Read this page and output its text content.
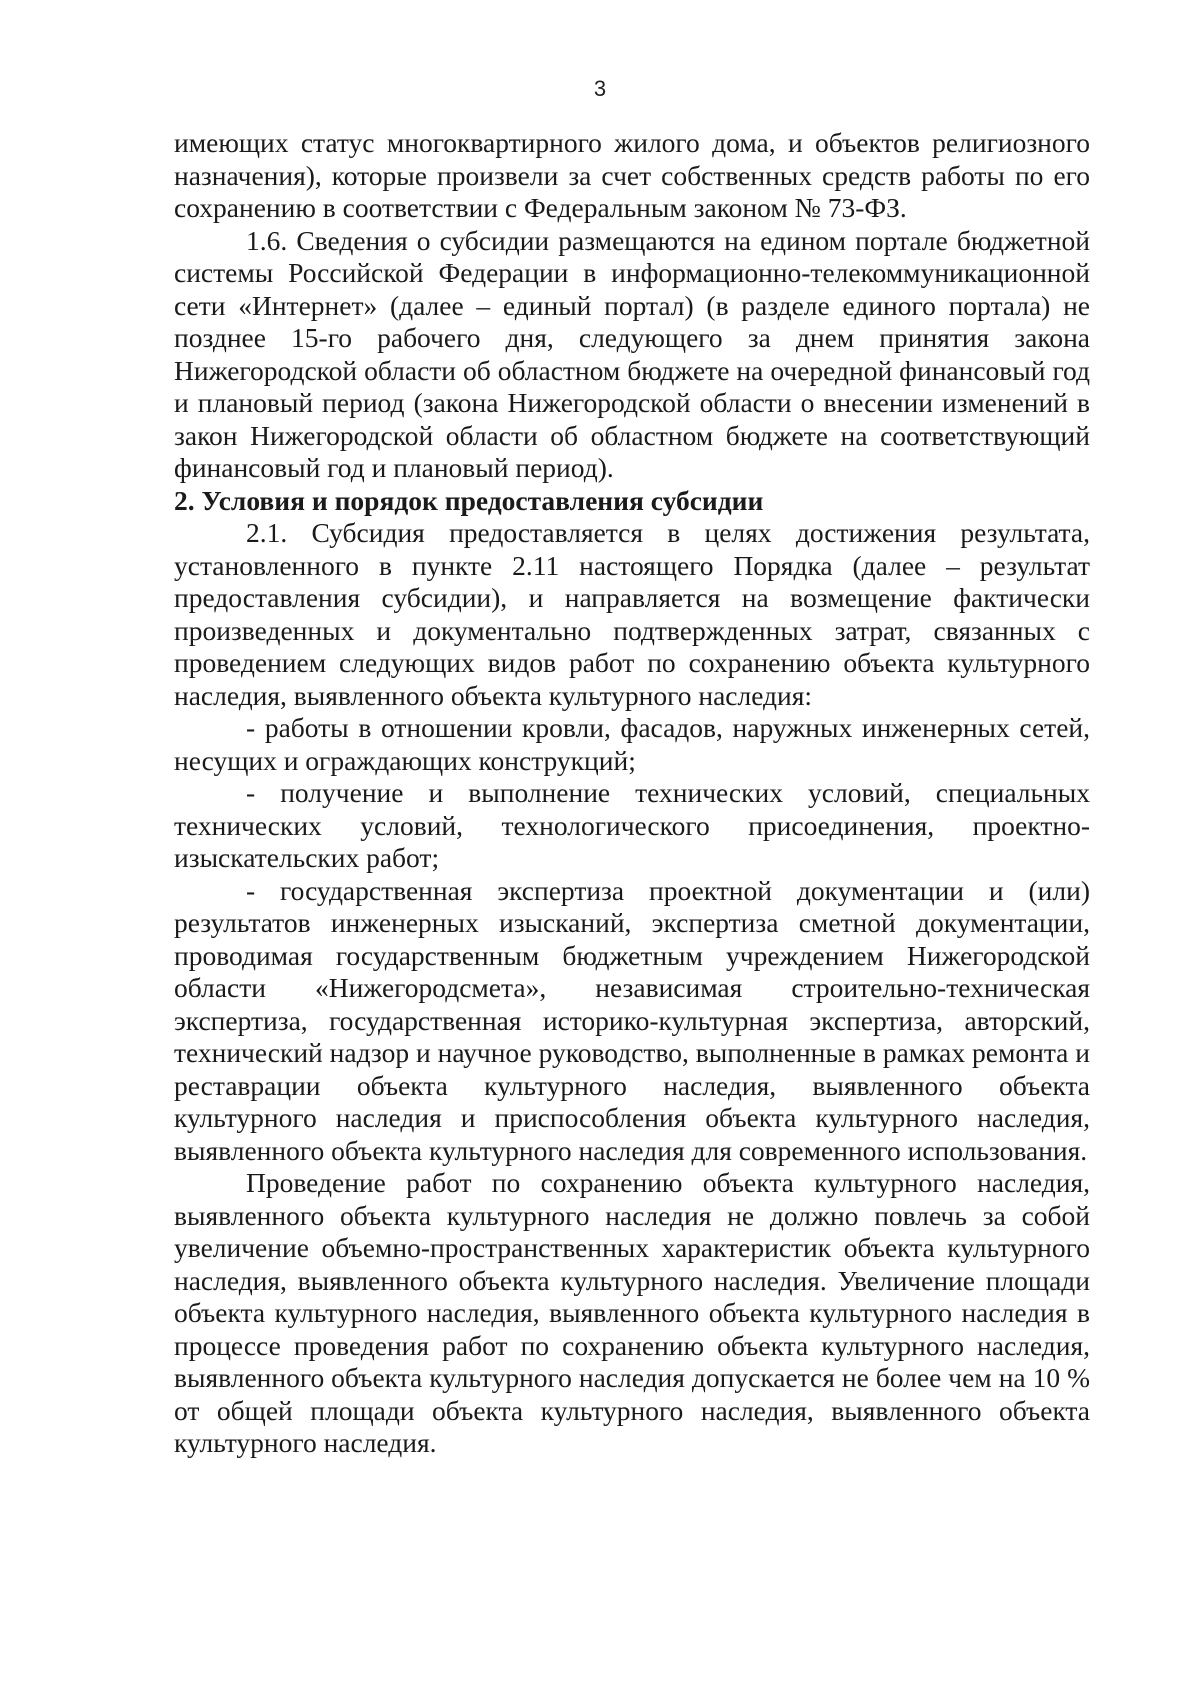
3

имеющих статус многоквартирного жилого дома, и объектов религиозного назначения), которые произвели за счет собственных средств работы по его сохранению в соответствии с Федеральным законом № 73-ФЗ.

1.6. Сведения о субсидии размещаются на едином портале бюджетной системы Российской Федерации в информационно-телекоммуникационной сети «Интернет» (далее – единый портал) (в разделе единого портала) не позднее 15-го рабочего дня, следующего за днем принятия закона Нижегородской области об областном бюджете на очередной финансовый год и плановый период (закона Нижегородской области о внесении изменений в закон Нижегородской области об областном бюджете на соответствующий финансовый год и плановый период).

2. Условия и порядок предоставления субсидии

2.1. Субсидия предоставляется в целях достижения результата, установленного в пункте 2.11 настоящего Порядка (далее – результат предоставления субсидии), и направляется на возмещение фактически произведенных и документально подтвержденных затрат, связанных с проведением следующих видов работ по сохранению объекта культурного наследия, выявленного объекта культурного наследия:

- работы в отношении кровли, фасадов, наружных инженерных сетей, несущих и ограждающих конструкций;

- получение и выполнение технических условий, специальных технических условий, технологического присоединения, проектно-изыскательских работ;

- государственная экспертиза проектной документации и (или) результатов инженерных изысканий, экспертиза сметной документации, проводимая государственным бюджетным учреждением Нижегородской области «Нижегородсмета», независимая строительно-техническая экспертиза, государственная историко-культурная экспертиза, авторский, технический надзор и научное руководство, выполненные в рамках ремонта и реставрации объекта культурного наследия, выявленного объекта культурного наследия и приспособления объекта культурного наследия, выявленного объекта культурного наследия для современного использования.

Проведение работ по сохранению объекта культурного наследия, выявленного объекта культурного наследия не должно повлечь за собой увеличение объемно-пространственных характеристик объекта культурного наследия, выявленного объекта культурного наследия. Увеличение площади объекта культурного наследия, выявленного объекта культурного наследия в процессе проведения работ по сохранению объекта культурного наследия, выявленного объекта культурного наследия допускается не более чем на 10 % от общей площади объекта культурного наследия, выявленного объекта культурного наследия.
